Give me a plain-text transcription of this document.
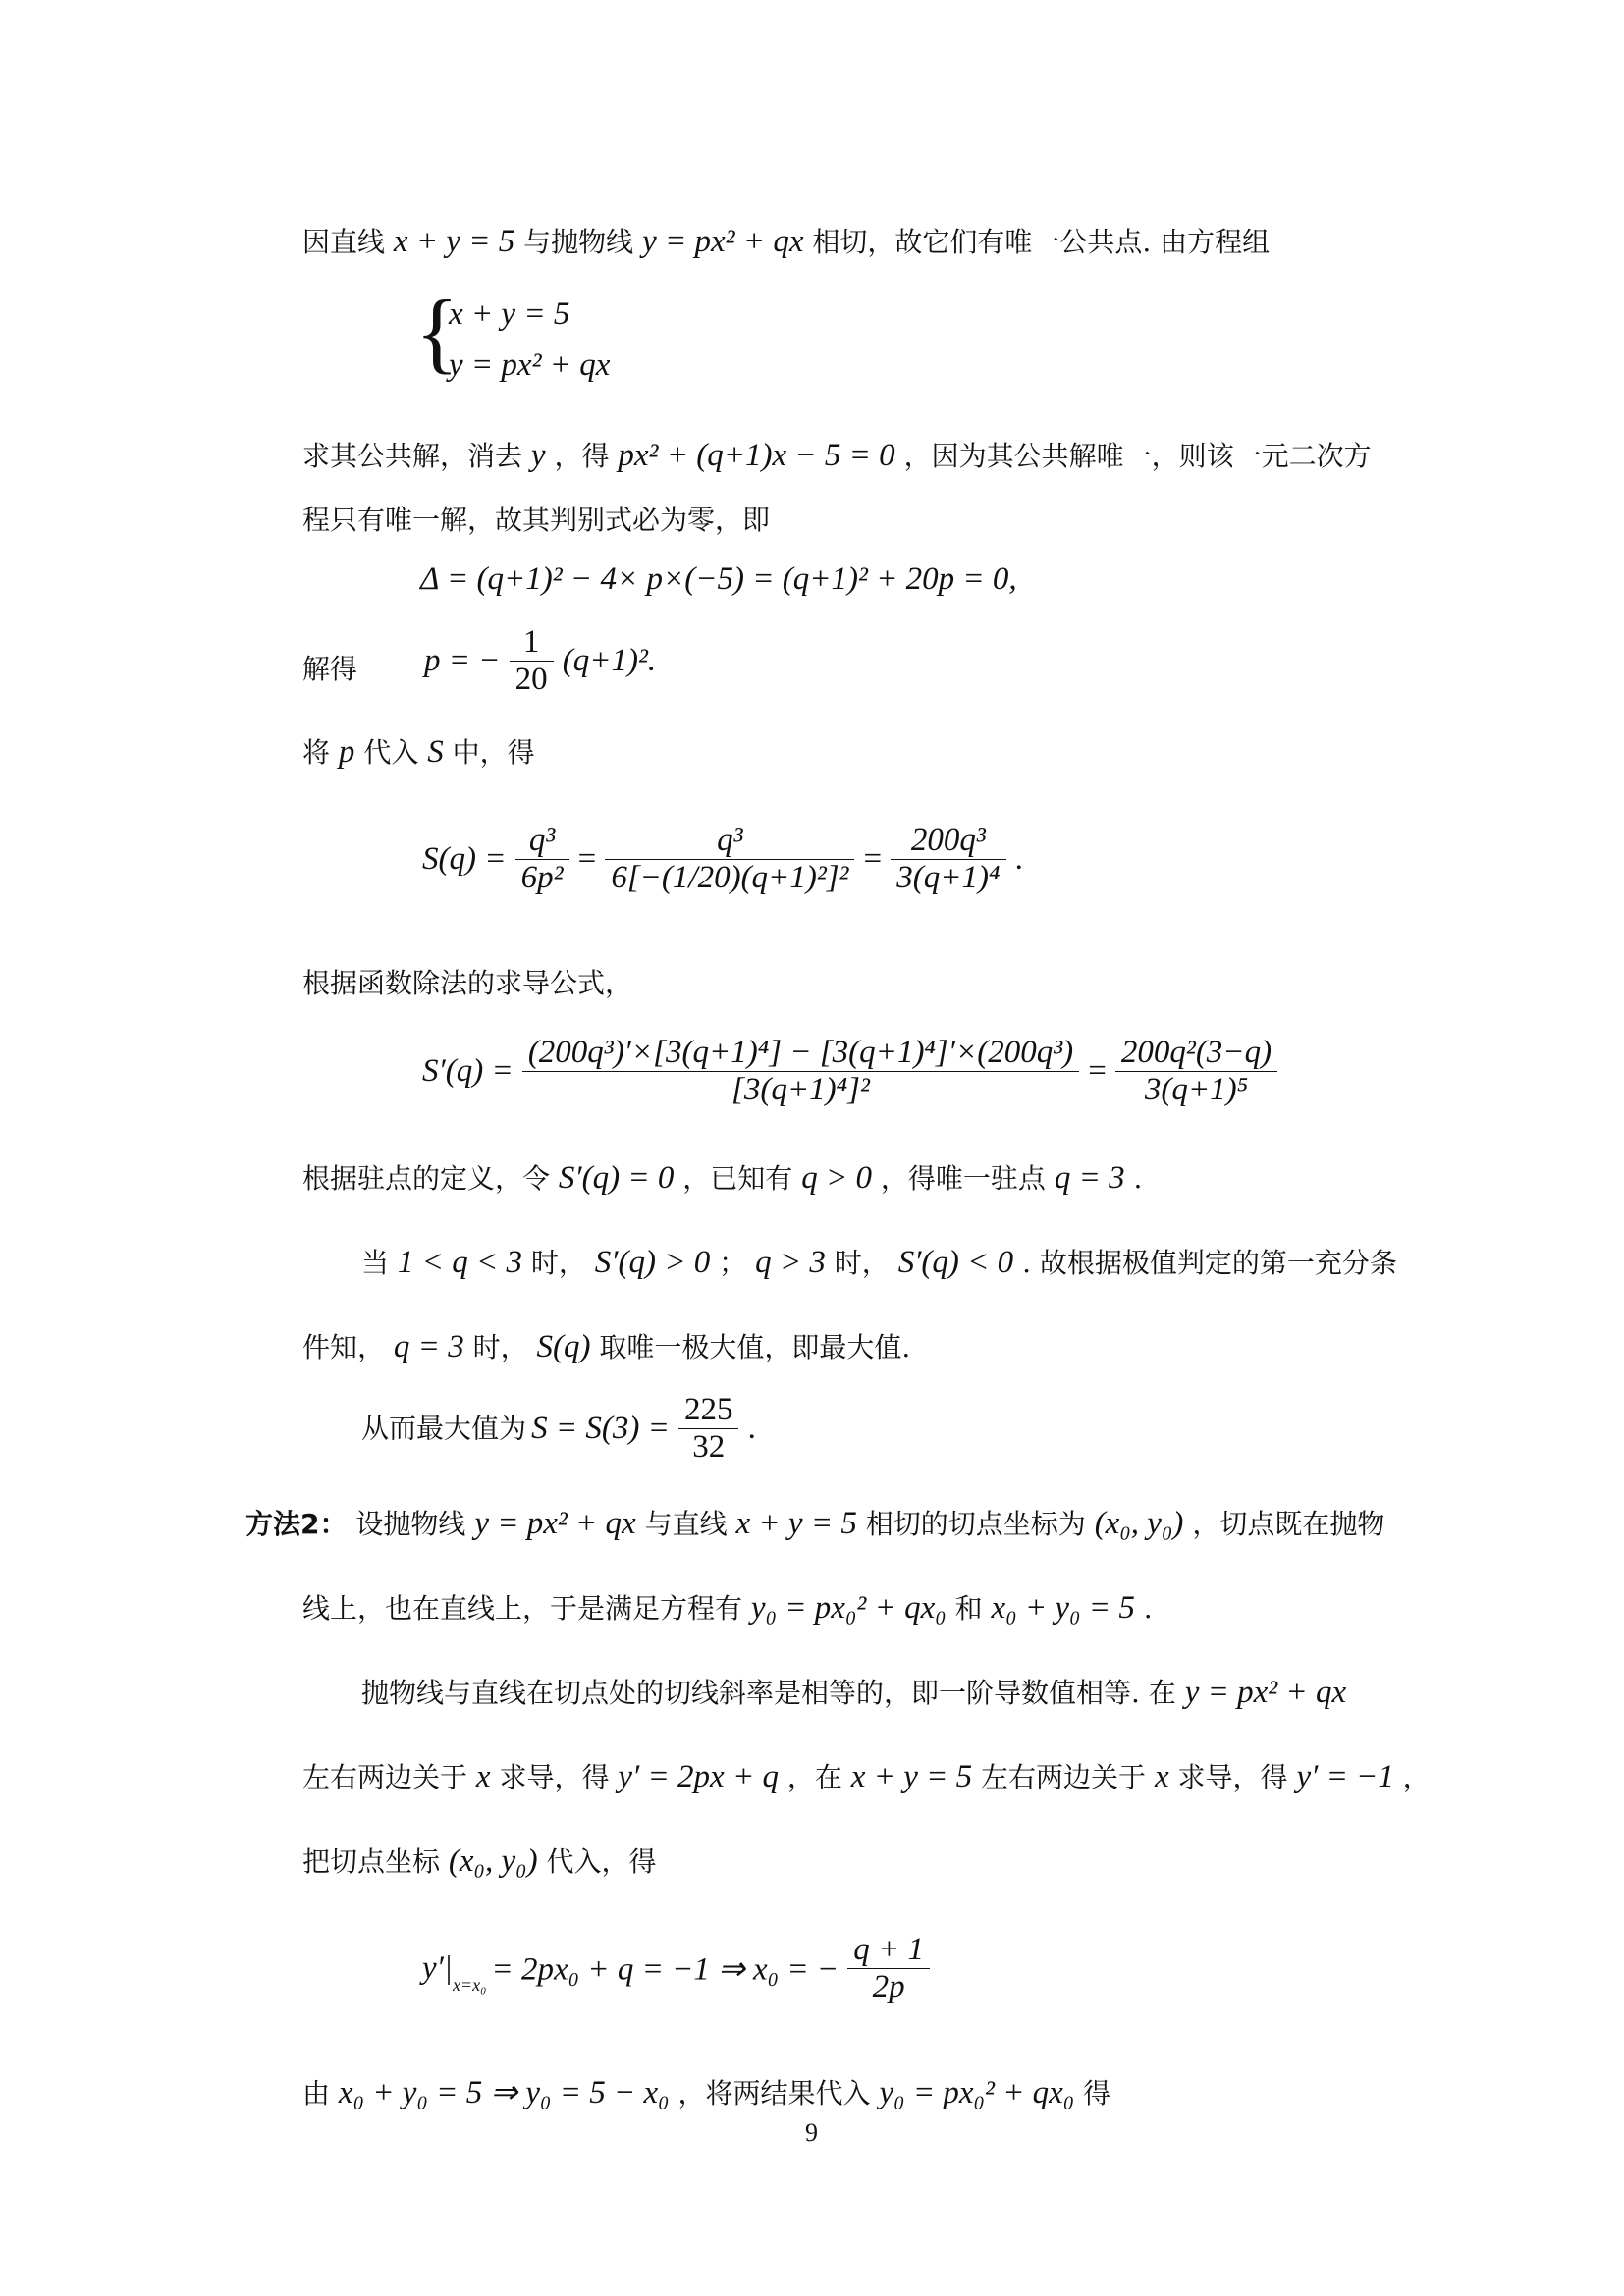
因直线 x + y = 5 与抛物线 y = px² + qx 相切，故它们有唯一公共点. 由方程组
{
x + y = 5
y = px² + qx
求其公共解，消去 y ，得 px² + (q+1)x − 5 = 0 ，因为其公共解唯一，则该一元二次方
程只有唯一解，故其判别式必为零，即
Δ = (q+1)² − 4× p×(−5) = (q+1)² + 20p = 0,
解得 p = − $\frac{1}{20} (q+1)^2$.
将 p 代入 S 中，得
$S(q) = \frac{\text{q³}}{\text{6p²}} = \frac{\text{q³}}{\text{6[−(1/20)(q+1)²]²}} = \frac{\text{200q³}}{\text{3(q+1)⁴}}$ .
根据函数除法的求导公式，
$S'(q) = \frac{\text{(200q³)′×[3(q+1)⁴] − [3(q+1)⁴]′×(200q³)}}{\text{[3(q+1)⁴]²}} = \frac{\text{200q²(3−q)}}{\text{3(q+1)⁵}}$
根据驻点的定义，令 S′(q) = 0 ，已知有 q > 0 ，得唯一驻点 q = 3 .
当 1 < q < 3 时， S′(q) > 0 ； q > 3 时， S′(q) < 0 . 故根据极值判定的第一充分条
件知， q = 3 时， S(q) 取唯一极大值，即最大值.
从而最大值为 $S = S(3) = \frac{225}{32}$ .
方法2： 设抛物线 y = px² + qx 与直线 x + y = 5 相切的切点坐标为 (x₀, y₀) ，切点既在抛物
线上，也在直线上，于是满足方程有 y₀ = px₀² + qx₀ 和 x₀ + y₀ = 5 .
抛物线与直线在切点处的切线斜率是相等的，即一阶导数值相等. 在 y = px² + qx
左右两边关于 x 求导，得 y′ = 2px + q ，在 x + y = 5 左右两边关于 x 求导，得 y′ = −1 ，
把切点坐标 (x₀, y₀) 代入，得
$y'|_{x=x_0} = 2px_0 + q = -1$ ⇒ x₀ = − $\frac{q + 1}{2p}$
由 x₀ + y₀ = 5 ⇒ y₀ = 5 − x₀ ，将两结果代入 y₀ = px₀² + qx₀ 得
9
